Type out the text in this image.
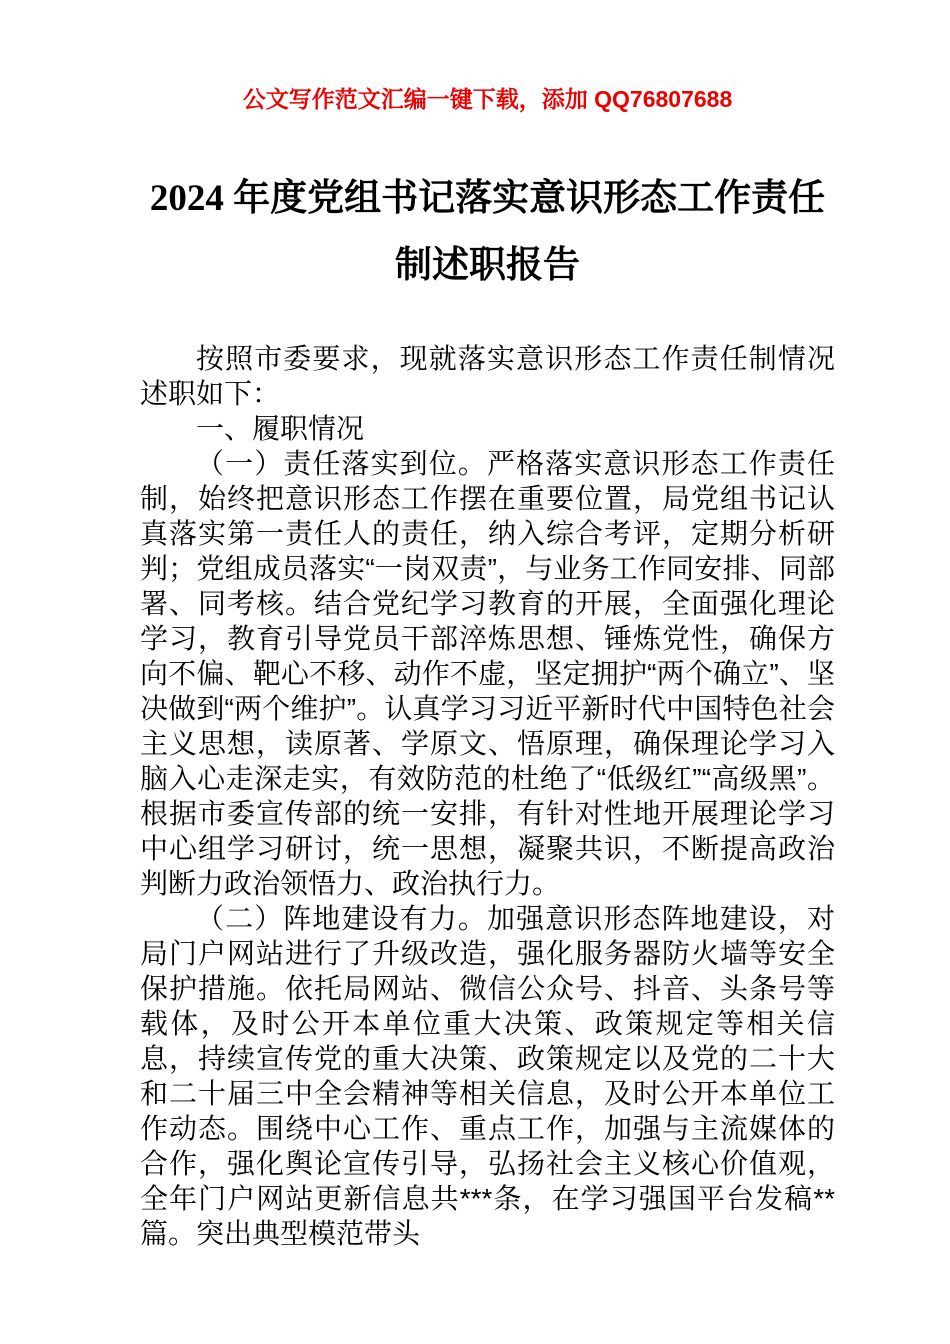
公文写作范文汇编一键下载，添加 QQ76807688
2024 年度党组书记落实意识形态工作责任
制述职报告

按照市委要求，现就落实意识形态工作责任制情况述职如下：

一、履职情况

（一）责任落实到位。严格落实意识形态工作责任制，始终把意识形态工作摆在重要位置，局党组书记认真落实第一责任人的责任，纳入综合考评，定期分析研判；党组成员落实“一岗双责”，与业务工作同安排、同部署、同考核。结合党纪学习教育的开展，全面强化理论学习，教育引导党员干部淬炼思想、锤炼党性，确保方向不偏、靶心不移、动作不虚，坚定拥护“两个确立”、坚决做到“两个维护”。认真学习习近平新时代中国特色社会主义思想，读原著、学原文、悟原理，确保理论学习入脑入心走深走实，有效防范的杜绝了“低级红”“高级黑”。根据市委宣传部的统一安排，有针对性地开展理论学习中心组学习研讨，统一思想，凝聚共识，不断提高政治判断力政治领悟力、政治执行力。

（二）阵地建设有力。加强意识形态阵地建设，对局门户网站进行了升级改造，强化服务器防火墙等安全保护措施。依托局网站、微信公众号、抖音、头条号等载体，及时公开本单位重大决策、政策规定等相关信息，持续宣传党的重大决策、政策规定以及党的二十大和二十届三中全会精神等相关信息，及时公开本单位工作动态。围绕中心工作、重点工作，加强与主流媒体的合作，强化舆论宣传引导，弘扬社会主义核心价值观，全年门户网站更新信息共***条，在学习强国平台发稿**篇。突出典型模范带头
